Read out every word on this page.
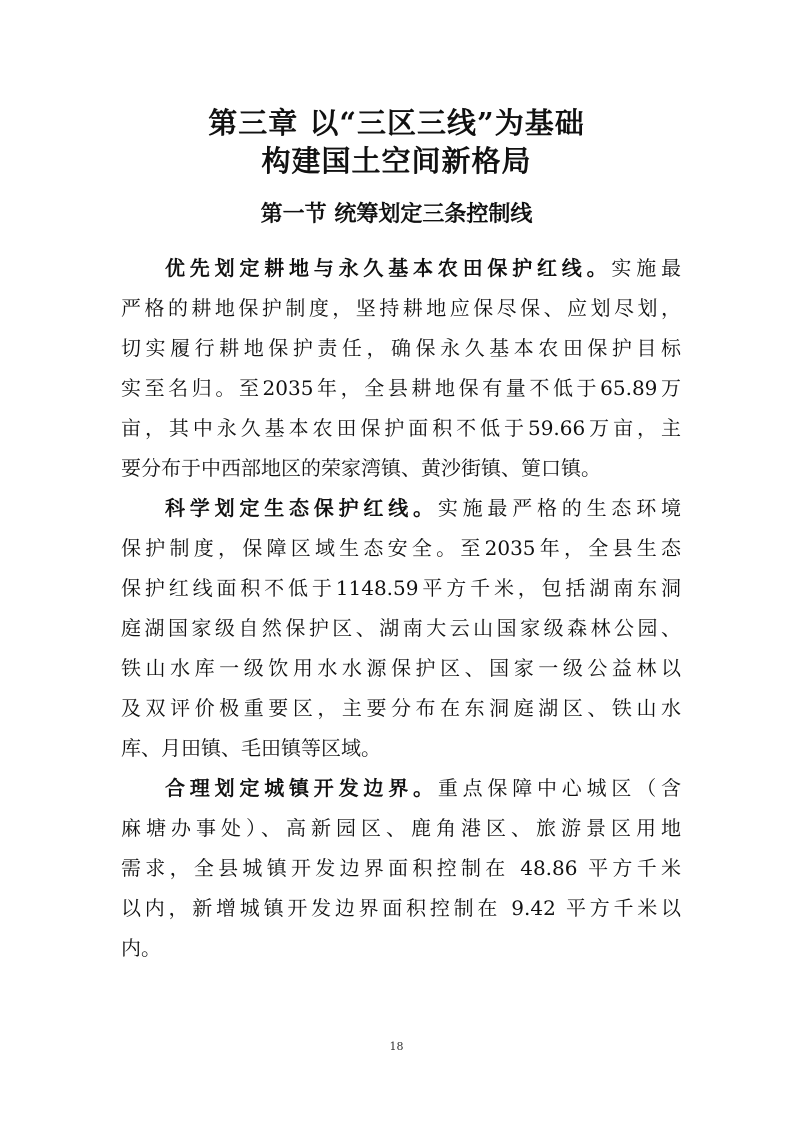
第三章 以“三区三线”为基础
构建国土空间新格局
第一节 统筹划定三条控制线
优先划定耕地与永久基本农田保护红线。实施最
严格的耕地保护制度，坚持耕地应保尽保、应划尽划，
切实履行耕地保护责任，确保永久基本农田保护目标
实至名归。至2035年，全县耕地保有量不低于65.89万
亩，其中永久基本农田保护面积不低于59.66万亩，主
要分布于中西部地区的荣家湾镇、黄沙街镇、筻口镇。
科学划定生态保护红线。实施最严格的生态环境
保护制度，保障区域生态安全。至2035年，全县生态
保护红线面积不低于1148.59平方千米，包括湖南东洞
庭湖国家级自然保护区、湖南大云山国家级森林公园、
铁山水库一级饮用水水源保护区、国家一级公益林以
及双评价极重要区，主要分布在东洞庭湖区、铁山水
库、月田镇、毛田镇等区域。
合理划定城镇开发边界。重点保障中心城区（含
麻塘办事处）、高新园区、鹿角港区、旅游景区用地
需求，全县城镇开发边界面积控制在 48.86 平方千米
以内，新增城镇开发边界面积控制在 9.42 平方千米以
内。
18
